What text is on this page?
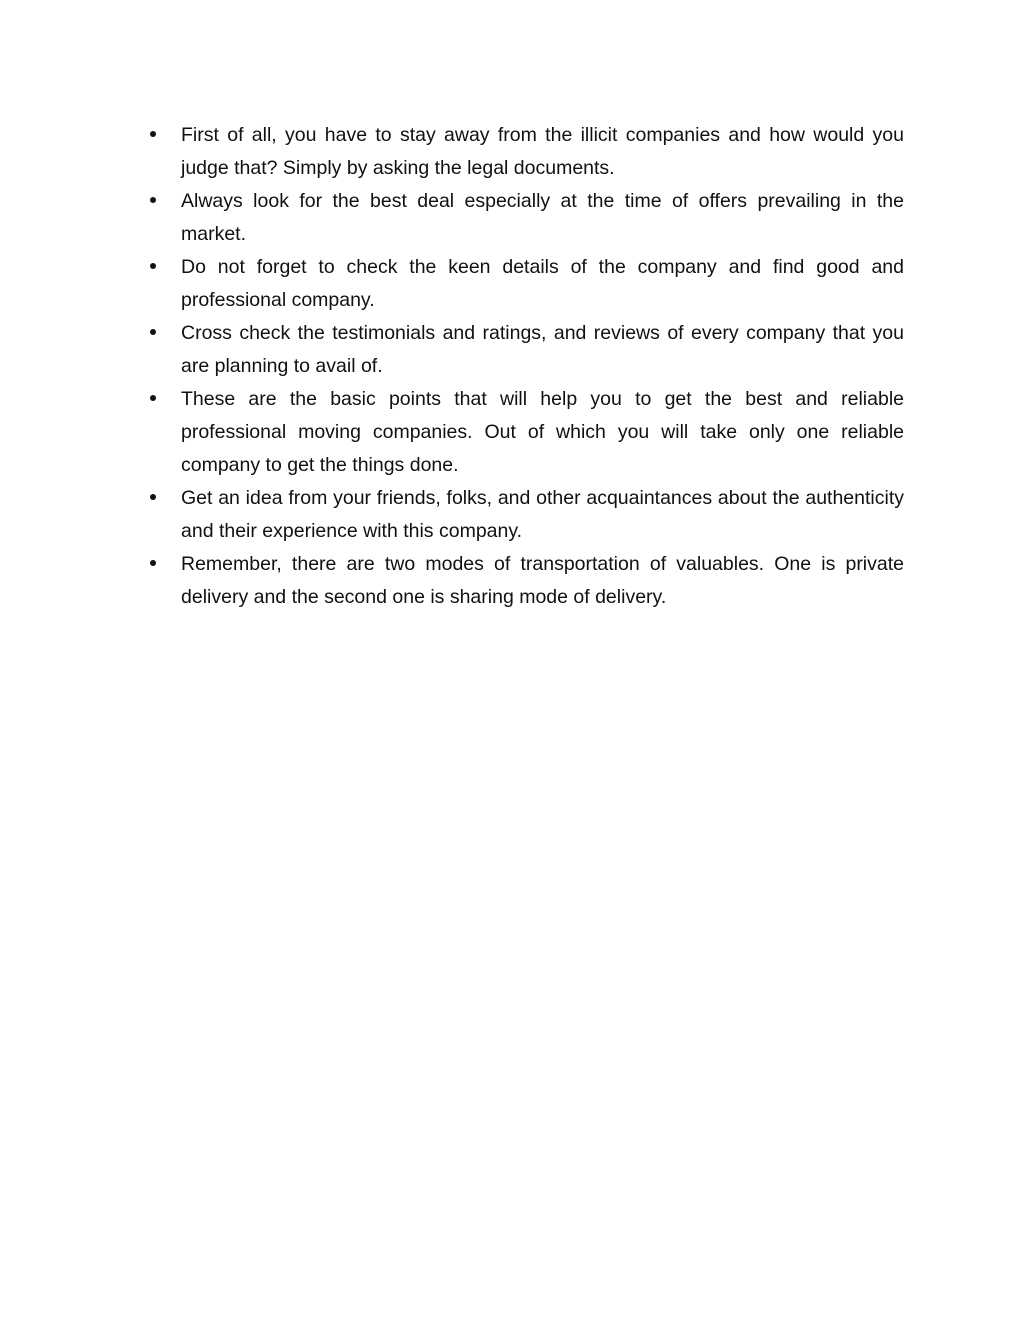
First of all, you have to stay away from the illicit companies and how would you judge that? Simply by asking the legal documents.
Always look for the best deal especially at the time of offers prevailing in the market.
Do not forget to check the keen details of the company and find good and professional company.
Cross check the testimonials and ratings, and reviews of every company that you are planning to avail of.
These are the basic points that will help you to get the best and reliable professional moving companies. Out of which you will take only one reliable company to get the things done.
Get an idea from your friends, folks, and other acquaintances about the authenticity and their experience with this company.
Remember, there are two modes of transportation of valuables. One is private delivery and the second one is sharing mode of delivery.
